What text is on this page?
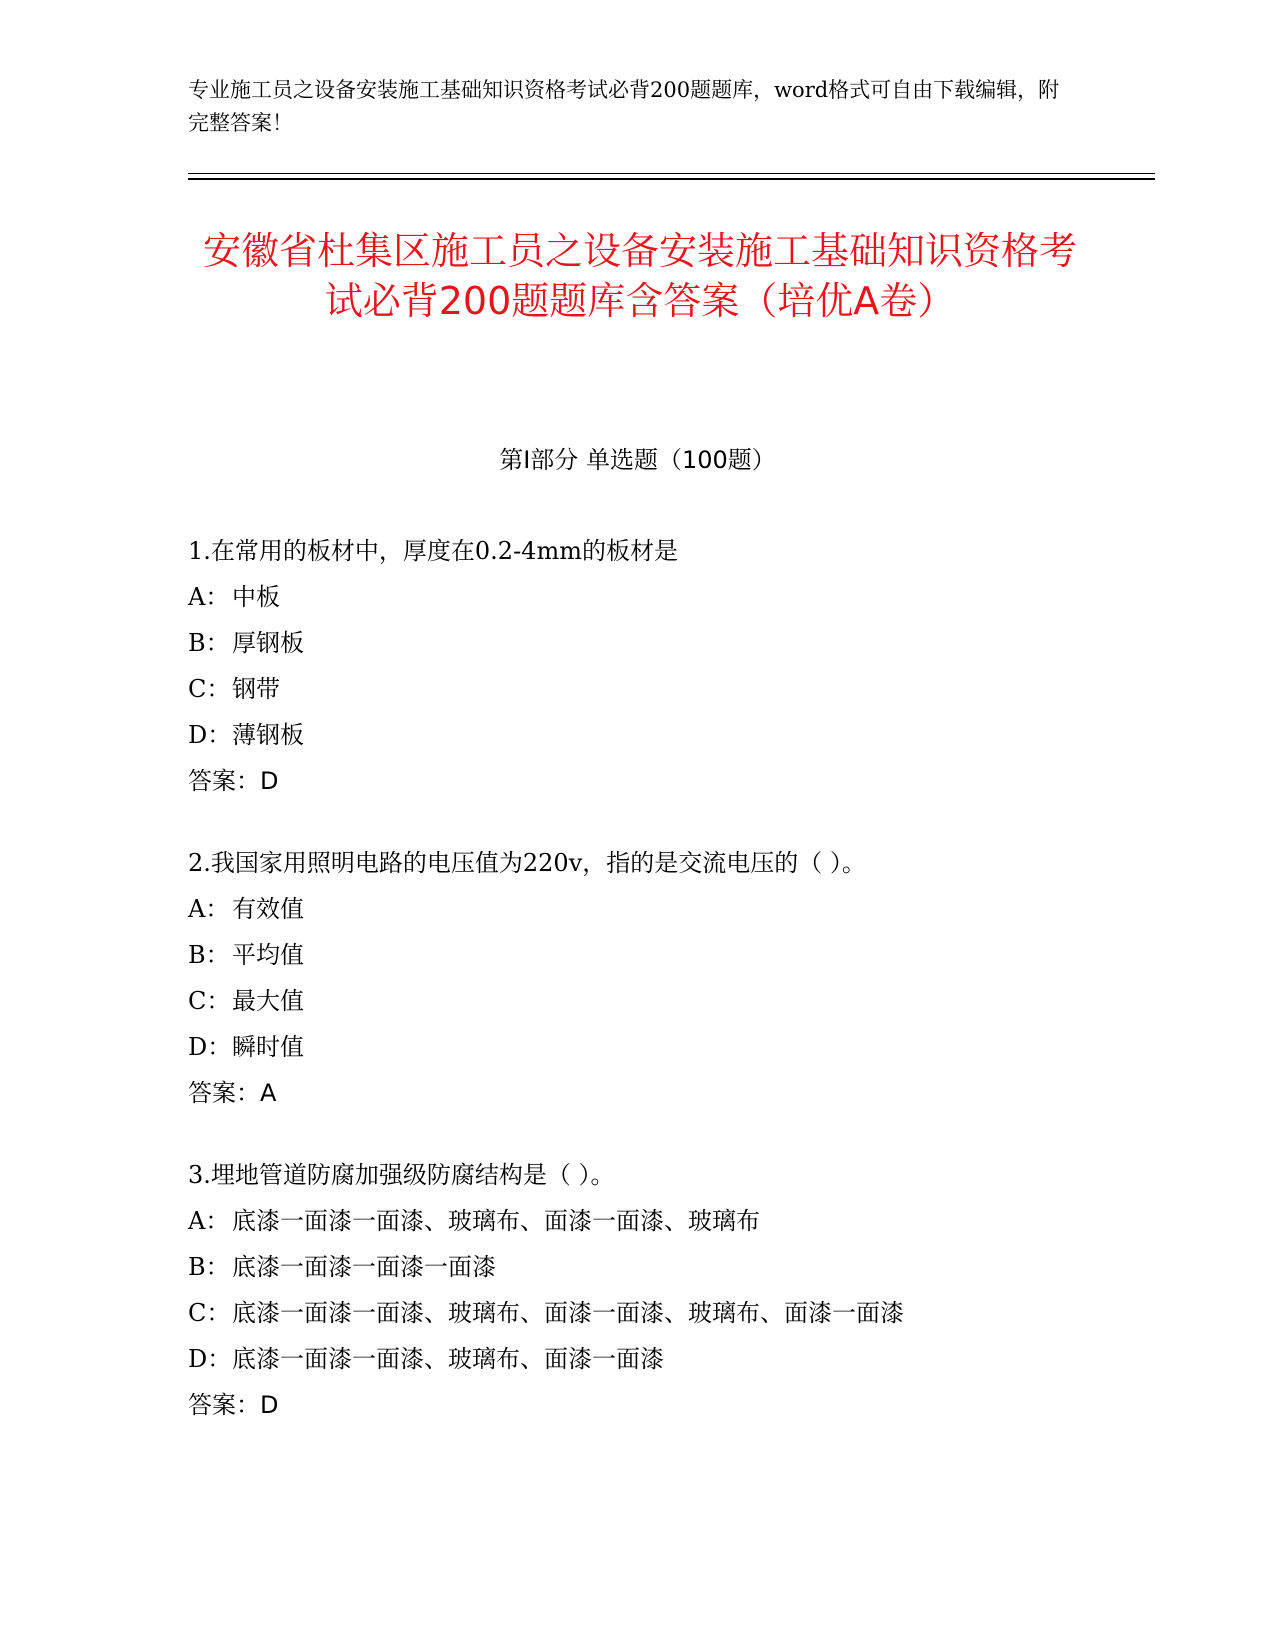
专业施工员之设备安装施工基础知识资格考试必背200题题库，word格式可自由下载编辑，附完整答案！
安徽省杜集区施工员之设备安装施工基础知识资格考试必背200题题库含答案（培优A卷）
第I部分 单选题（100题）
1.在常用的板材中，厚度在0.2-4mm的板材是
A： 中板
B： 厚钢板
C： 钢带
D： 薄钢板
答案：D
2.我国家用照明电路的电压值为220v，指的是交流电压的（ ）。
A： 有效值
B： 平均值
C： 最大值
D： 瞬时值
答案：A
3.埋地管道防腐加强级防腐结构是（ ）。
A： 底漆一面漆一面漆、玻璃布、面漆一面漆、玻璃布
B： 底漆一面漆一面漆一面漆
C： 底漆一面漆一面漆、玻璃布、面漆一面漆、玻璃布、面漆一面漆
D： 底漆一面漆一面漆、玻璃布、面漆一面漆
答案：D
